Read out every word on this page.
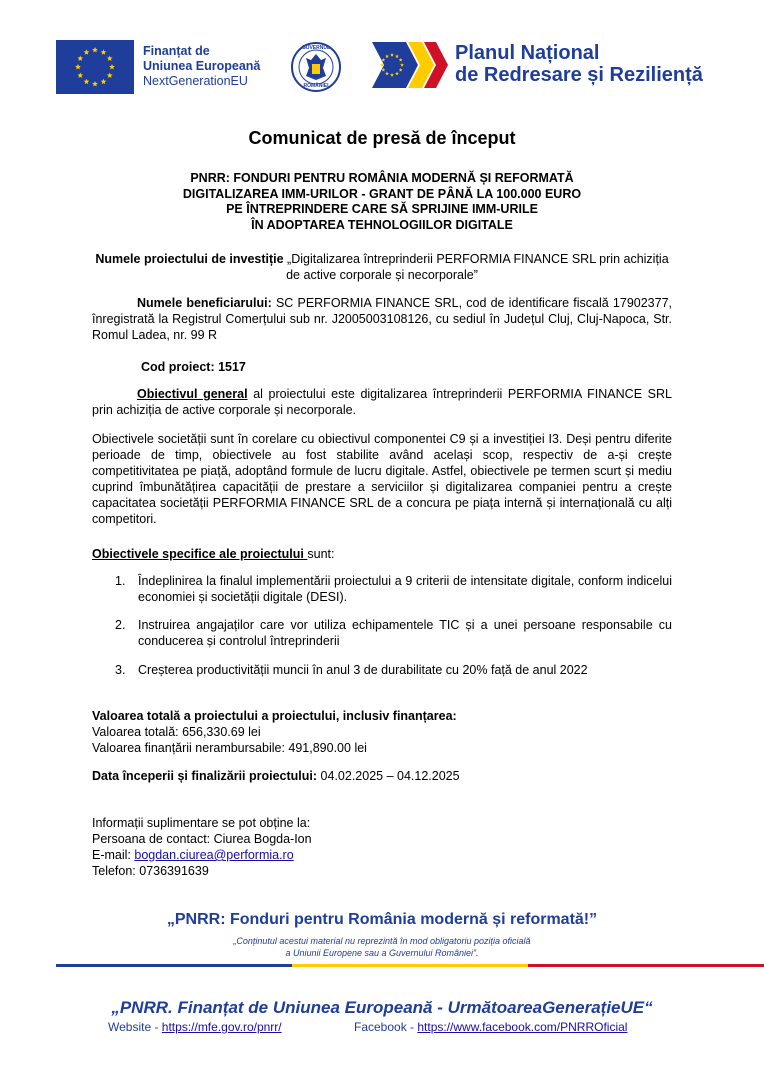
Finanțat de
Uniunea Europeană
NextGenerationEU
GUVERNUL
ROMÂNIEI
Planul Național
de Redresare și Reziliență
Comunicat de presă de început
PNRR: FONDURI PENTRU ROMÂNIA MODERNĂ ȘI REFORMATĂ
DIGITALIZAREA IMM-URILOR - GRANT DE PÂNĂ LA 100.000 EURO
PE ÎNTREPRINDERE CARE SĂ SPRIJINE IMM-URILE
ÎN ADOPTAREA TEHNOLOGIILOR DIGITALE
Numele proiectului de investiție „Digitalizarea întreprinderii PERFORMIA FINANCE SRL prin achiziția de active corporale și necorporale”
Numele beneficiarului: SC PERFORMIA FINANCE SRL, cod de identificare fiscală 17902377, înregistrată la Registrul Comerțului sub nr. J2005003108126, cu sediul în Județul Cluj, Cluj-Napoca, Str. Romul Ladea, nr. 99 R
Cod proiect: 1517
Obiectivul general al proiectului este digitalizarea întreprinderii PERFORMIA FINANCE SRL prin achiziția de active corporale și necorporale.
Obiectivele societății sunt în corelare cu obiectivul componentei C9 și a investiției I3. Deși pentru diferite perioade de timp, obiectivele au fost stabilite având același scop, respectiv de a-și crește competitivitatea pe piață, adoptând formule de lucru digitale. Astfel, obiectivele pe termen scurt și mediu cuprind îmbunătățirea capacității de prestare a serviciilor și digitalizarea companiei pentru a crește capacitatea societății PERFORMIA FINANCE SRL de a concura pe piața internă și internațională cu alți competitori.
Obiectivele specifice ale proiectului sunt:
1. Îndeplinirea la finalul implementării proiectului a 9 criterii de intensitate digitale, conform indicelui economiei și societății digitale (DESI).
2. Instruirea angajaților care vor utiliza echipamentele TIC și a unei persoane responsabile cu conducerea și controlul întreprinderii
3. Creșterea productivității muncii în anul 3 de durabilitate cu 20% față de anul 2022
Valoarea totală a proiectului a proiectului, inclusiv finanțarea:
Valoarea totală: 656,330.69 lei
Valoarea finanțării nerambursabile: 491,890.00 lei
Data începerii și finalizării proiectului: 04.02.2025 – 04.12.2025
Informații suplimentare se pot obține la:
Persoana de contact: Ciurea Bogda-Ion
E-mail: bogdan.ciurea@performia.ro
Telefon: 0736391639
„PNRR: Fonduri pentru România modernă și reformată!”
„Conținutul acestui material nu reprezintă în mod obligatoriu poziția oficială
a Uniunii Europene sau a Guvernului României”.
„PNRR. Finanțat de Uniunea Europeană - UrmătoareaGenerațieUE“
Website - https://mfe.gov.ro/pnrr/	Facebook - https://www.facebook.com/PNRROficial
